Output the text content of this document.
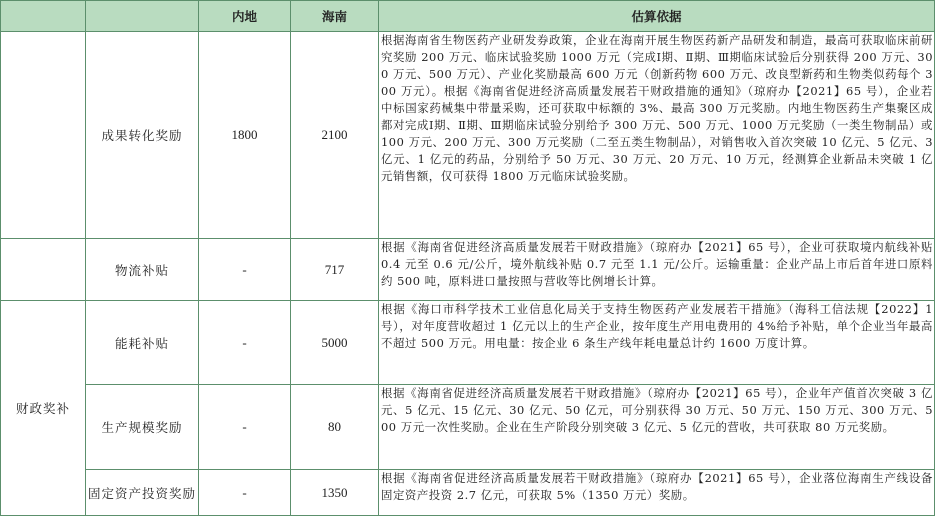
		内地	海南	估算依据
	成果转化奖励	1800	2100	根据海南省生物医药产业研发券政策，企业在海南开展生物医药新产品研发和制造，最高可获取临床前研究奖励 200 万元、临床试验奖励 1000 万元（完成Ⅰ期、Ⅱ期、Ⅲ期临床试验后分别获得 200 万元、300 万元、500 万元）、产业化奖励最高 600 万元（创新药物 600 万元、改良型新药和生物类似药每个 300 万元）。根据《海南省促进经济高质量发展若干财政措施的通知》（琼府办【2021】65 号），企业若中标国家药械集中带量采购，还可获取中标额的 3%、最高 300 万元奖励。内地生物医药生产集聚区成都对完成Ⅰ期、Ⅱ期、Ⅲ期临床试验分别给予 300 万元、500 万元、1000 万元奖励（一类生物制品）或 100 万元、200 万元、300 万元奖励（二至五类生物制品），对销售收入首次突破 10 亿元、5 亿元、3 亿元、1 亿元的药品，分别给予 50 万元、30 万元、20 万元、10 万元，经测算企业新品未突破 1 亿元销售额，仅可获得 1800 万元临床试验奖励。
	物流补贴	-	717	根据《海南省促进经济高质量发展若干财政措施》（琼府办【2021】65 号），企业可获取境内航线补贴 0.4 元至 0.6 元/公斤，境外航线补贴 0.7 元至 1.1 元/公斤。运输重量：企业产品上市后首年进口原料约 500 吨，原料进口量按照与营收等比例增长计算。
财政奖补	能耗补贴	-	5000	根据《海口市科学技术工业信息化局关于支持生物医药产业发展若干措施》（海科工信法规【2022】1 号），对年度营收超过 1 亿元以上的生产企业，按年度生产用电费用的 4%给予补贴，单个企业当年最高不超过 500 万元。用电量：按企业 6 条生产线年耗电量总计约 1600 万度计算。
	生产规模奖励	-	80	根据《海南省促进经济高质量发展若干财政措施》（琼府办【2021】65 号），企业年产值首次突破 3 亿元、5 亿元、15 亿元、30 亿元、50 亿元，可分别获得 30 万元、50 万元、150 万元、300 万元、500 万元一次性奖励。企业在生产阶段分别突破 3 亿元、5 亿元的营收，共可获取 80 万元奖励。
	固定资产投资奖励	-	1350	根据《海南省促进经济高质量发展若干财政措施》（琼府办【2021】65 号），企业落位海南生产线设备固定资产投资 2.7 亿元，可获取 5%（1350 万元）奖励。
